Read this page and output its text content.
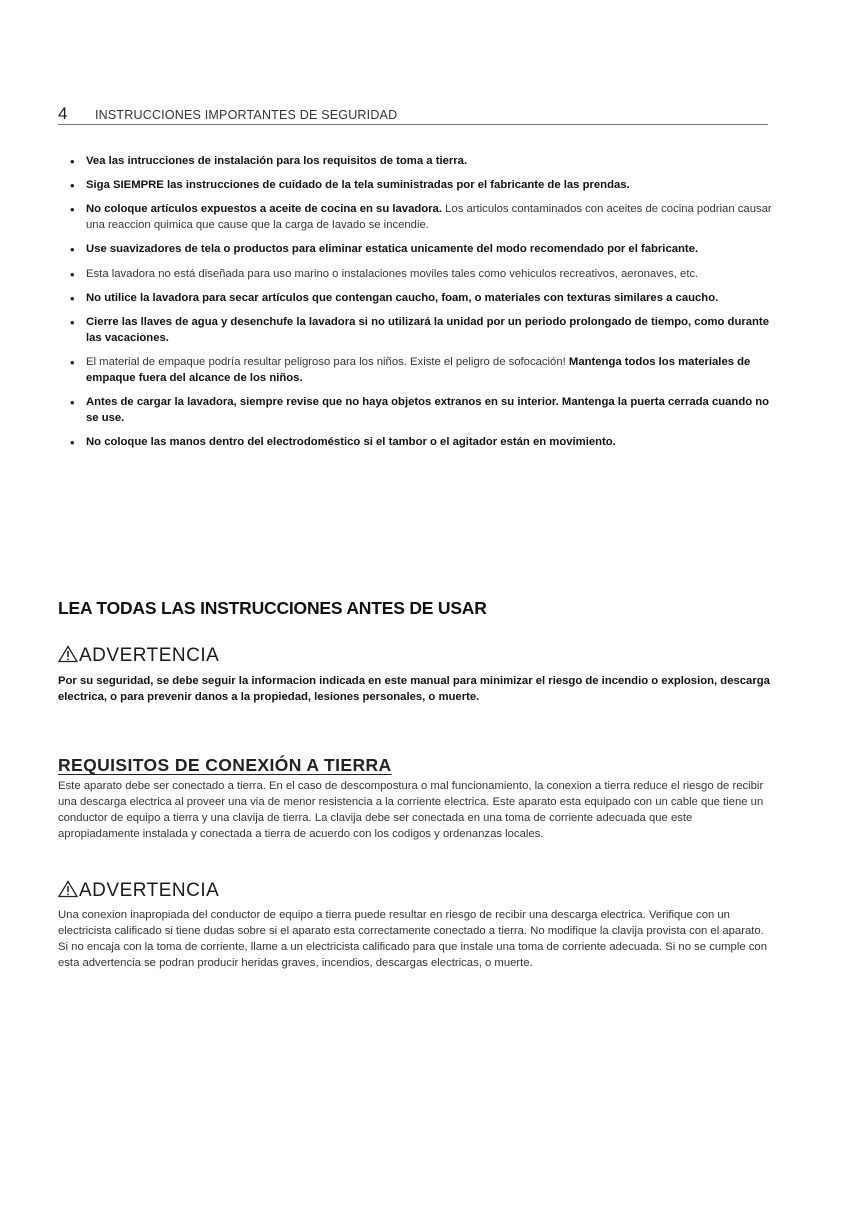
4 INSTRUCCIONES IMPORTANTES DE SEGURIDAD
• Vea las intrucciones de instalación para los requisitos de toma a tierra.
• Siga SIEMPRE las instrucciones de cuidado de la tela suministradas por el fabricante de las prendas.
• No coloque artículos expuestos a aceite de cocina en su lavadora. Los articulos contaminados con aceites de cocina podrian causar una reaccion quimica que cause que la carga de lavado se incendie.
• Use suavizadores de tela o productos para eliminar estatica unicamente del modo recomendado por el fabricante.
• Esta lavadora no está diseñada para uso marino o instalaciones moviles tales como vehiculos recreativos, aeronaves, etc.
• No utilice la lavadora para secar artículos que contengan caucho, foam, o materiales con texturas similares a caucho.
• Cierre las llaves de agua y desenchufe la lavadora si no utilizará la unidad por un periodo prolongado de tiempo, como durante las vacaciones.
• El material de empaque podría resultar peligroso para los niños. Existe el peligro de sofocación! Mantenga todos los materiales de empaque fuera del alcance de los niños.
• Antes de cargar la lavadora, siempre revise que no haya objetos extranos en su interior. Mantenga la puerta cerrada cuando no se use.
• No coloque las manos dentro del electrodoméstico si el tambor o el agitador están en movimiento.
LEA TODAS LAS INSTRUCCIONES ANTES DE USAR
ADVERTENCIA
Por su seguridad, se debe seguir la informacion indicada en este manual para minimizar el riesgo de incendio o explosion, descarga electrica, o para prevenir danos a la propiedad, lesiones personales, o muerte.
REQUISITOS DE CONEXIÓN A TIERRA
Este aparato debe ser conectado a tierra. En el caso de descompostura o mal funcionamiento, la conexion a tierra reduce el riesgo de recibir una descarga electrica al proveer una via de menor resistencia a la corriente electrica. Este aparato esta equipado con un cable que tiene un conductor de equipo a tierra y una clavija de tierra. La clavija debe ser conectada en una toma de corriente adecuada que este apropiadamente instalada y conectada a tierra de acuerdo con los codigos y ordenanzas locales.
ADVERTENCIA
Una conexion inapropiada del conductor de equipo a tierra puede resultar en riesgo de recibir una descarga electrica. Verifique con un electricista calificado si tiene dudas sobre si el aparato esta correctamente conectado a tierra. No modifique la clavija provista con el aparato. Si no encaja con la toma de corriente, llame a un electricista calificado para que instale una toma de corriente adecuada. Si no se cumple con esta advertencia se podran producir heridas graves, incendios, descargas electricas, o muerte.
